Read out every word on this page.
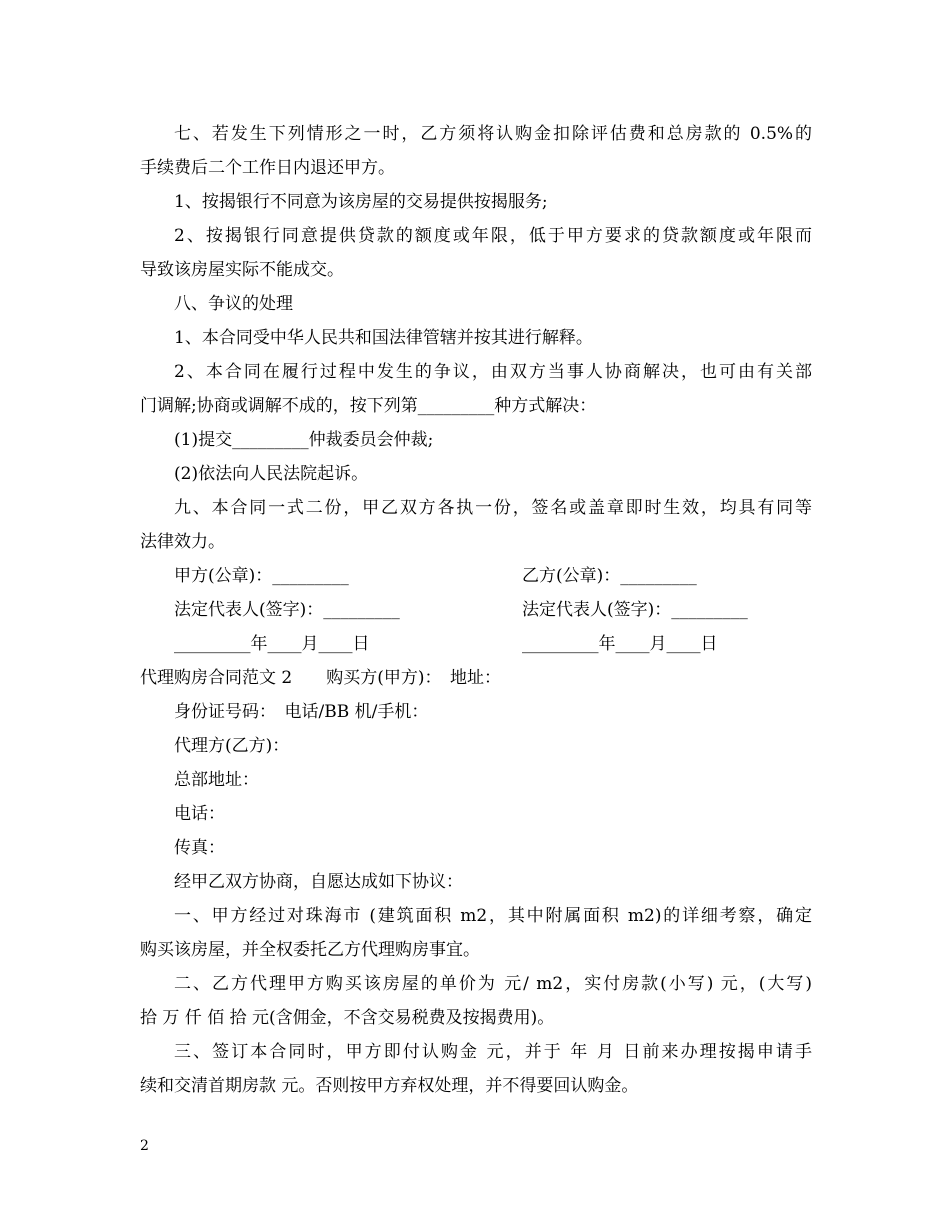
七、若发生下列情形之一时，乙方须将认购金扣除评估费和总房款的 0.5%的

手续费后二个工作日内退还甲方。

1、按揭银行不同意为该房屋的交易提供按揭服务;

2、按揭银行同意提供贷款的额度或年限，低于甲方要求的贷款额度或年限而

导致该房屋实际不能成交。

八、争议的处理

1、本合同受中华人民共和国法律管辖并按其进行解释。

2、本合同在履行过程中发生的争议，由双方当事人协商解决，也可由有关部

门调解;协商或调解不成的，按下列第_________种方式解决：

(1)提交_________仲裁委员会仲裁;

(2)依法向人民法院起诉。

九、本合同一式二份，甲乙双方各执一份，签名或盖章即时生效，均具有同等

法律效力。

甲方(公章)：_________	乙方(公章)：_________
法定代表人(签字)：_________	法定代表人(签字)：_________
_________年____月____日	_________年____月____日

代理购房合同范文 2　　购买方(甲方)：　地址：

身份证号码：　电话/BB 机/手机：

代理方(乙方)：

总部地址：

电话：

传真：

经甲乙双方协商，自愿达成如下协议：

一、甲方经过对珠海市 (建筑面积 m2，其中附属面积 m2)的详细考察，确定

购买该房屋，并全权委托乙方代理购房事宜。

二、乙方代理甲方购买该房屋的单价为 元/ m2，实付房款(小写) 元，(大写)

拾 万 仟 佰 拾 元(含佣金，不含交易税费及按揭费用)。

三、签订本合同时，甲方即付认购金 元，并于 年 月 日前来办理按揭申请手

续和交清首期房款 元。否则按甲方弃权处理，并不得要回认购金。

2
